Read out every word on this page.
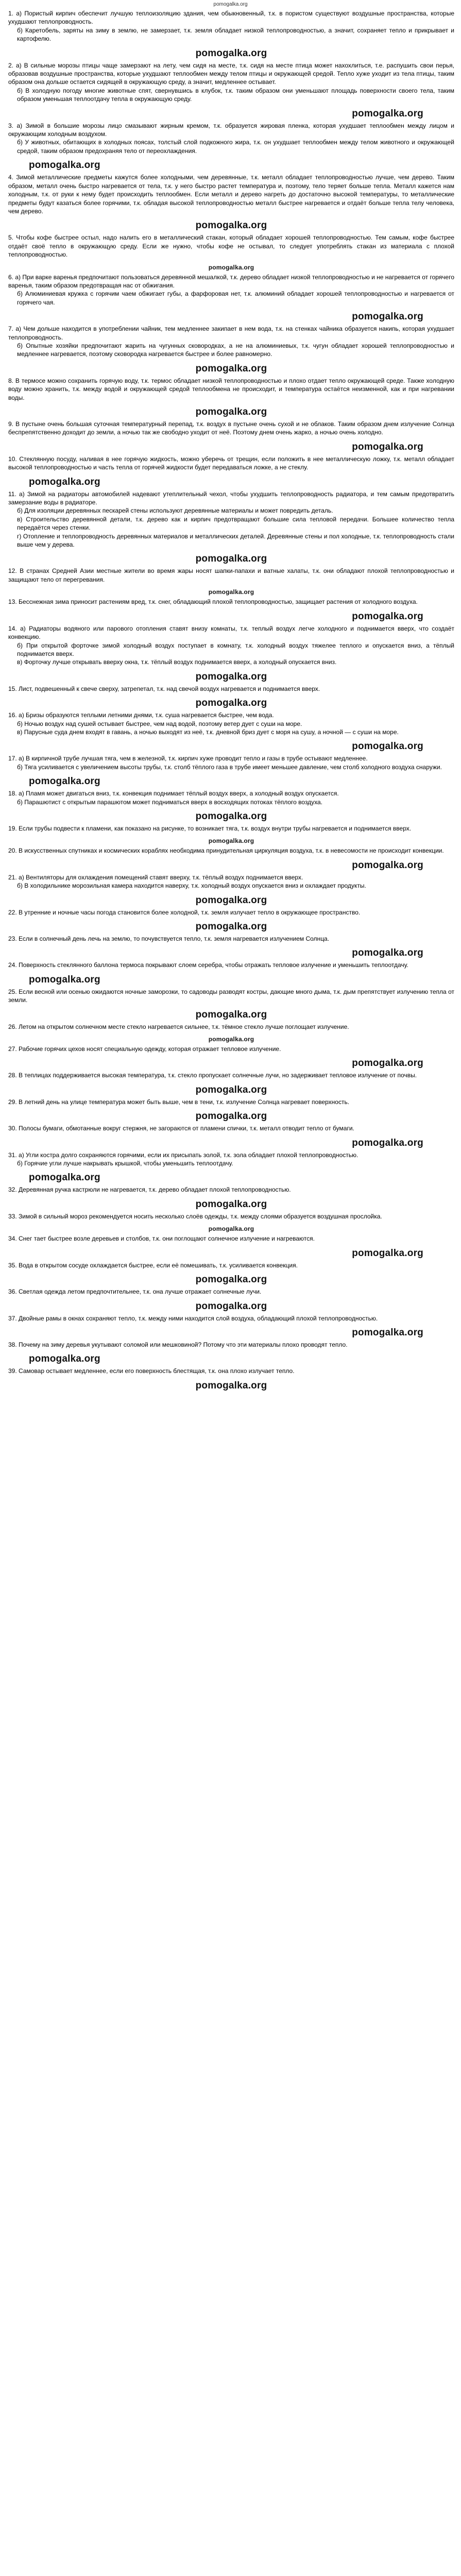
pomogalka.org
1. а) Пористый кирпич обеспечит лучшую теплоизоляцию здания, чем обыкновенный, т.к. в пористом существуют воздушные пространства, которые ухудшают теплопроводность.
б) Каретобель, заряты на зиму в землю, не замерзает, т.к. земля обладает низкой теплопроводностью, а значит, сохраняет тепло и прикрывает и картофелю.
pomogalka.org
2. а) В сильные морозы птицы чаще замерзают на лету, чем сидя на месте, т.к. сидя на месте птица может нахохлиться, т.е. распушить свои перья, образовав воздушные пространства, которые ухудшают теплообмен между телом птицы и окружающей средой. Тепло хуже уходит из тела птицы, таким образом она дольше остается сидящей в окружающую среду, а значит, медленнее остывает.
б) В холодную погоду многие животные спят, свернувшись в клубок, т.к. таким образом они уменьшают площадь поверхности своего тела, таким образом уменьшая теплоотдачу тепла в окружающую среду.
pomogalka.org
3. а) Зимой в большие морозы лицо смазывают жирным кремом, т.к. образуется жировая пленка, которая ухудшает теплообмен между лицом и окружающим холодным воздухом.
б) У животных, обитающих в холодных поясах, толстый слой подкожного жира, т.к. он ухудшает теплообмен между телом животного и окружающей средой, таким образом предохраняя тело от переохлаждения.
pomogalka.org
4. Зимой металлические предметы кажутся более холодными, чем деревянные, т.к. металл обладает теплопроводностью лучше, чем дерево. Таким образом, металл очень быстро нагревается от тела, т.к. у него быстро растет температура и, поэтому, тело теряет больше тепла. Металл кажется нам холодным, т.к. от руки к нему будет происходить теплообмен. Если металл и дерево нагреть до достаточно высокой температуры, то металлические предметы будут казаться более горячими, т.к. обладая высокой теплопроводностью металл быстрее нагревается и отдаёт больше тепла телу человека, чем дерево.
pomogalka.org
5. Чтобы кофе быстрее остыл, надо налить его в металлический стакан, который обладает хорошей теплопроводностью. Тем самым, кофе быстрее отдаёт своё тепло в окружающую среду. Если же нужно, чтобы кофе не остывал, то следует употреблять стакан из материала с плохой теплопроводностью.
pomogalka.org
6. а) При варке варенья предпочитают пользоваться деревянной мешалкой, т.к. дерево обладает низкой теплопроводностью и не нагревается от горячего варенья, таким образом предотвращая нас от обжигания.
б) Алюминиевая кружка с горячим чаем обжигает губы, а фарфоровая нет, т.к. алюминий обладает хорошей теплопроводностью и нагревается от горячего чая.
pomogalka.org
7. а) Чем дольше находится в употреблении чайник, тем медленнее закипает в нем вода, т.к. на стенках чайника образуется накипь, которая ухудшает теплопроводность.
б) Опытные хозяйки предпочитают жарить на чугунных сковородках, а не на алюминиевых, т.к. чугун обладает хорошей теплопроводностью и медленнее нагревается, поэтому сковородка нагревается быстрее и более равномерно.
pomogalka.org
8. В термосе можно сохранить горячую воду, т.к. термос обладает низкой теплопроводностью и плохо отдает тепло окружающей среде. Также холодную воду можно хранить, т.к. между водой и окружающей средой теплообмена не происходит, и температура остаётся неизменной, как и при нагревании воды.
pomogalka.org
9. В пустыне очень большая суточная температурный перепад, т.к. воздух в пустыне очень сухой и не облаков. Таким образом днем излучение Солнца беспрепятственно доходит до земли, а ночью так же свободно уходит от неё. Поэтому днем очень жарко, а ночью очень холодно.
pomogalka.org
10. Стеклянную посуду, наливая в нее горячую жидкость, можно уберечь от трещин, если положить в нее металлическую ложку, т.к. металл обладает высокой теплопроводностью и часть тепла от горячей жидкости будет передаваться ложке, а не стеклу.
pomogalka.org
11. а) Зимой на радиаторы автомобилей надевают утеплительный чехол, чтобы ухудшить теплопроводность радиатора, и тем самым предотвратить замерзание воды в радиаторе.
б) Для изоляции деревянных пескарей стены используют деревянные материалы и может повредить деталь.
в) Строительство деревянной детали, т.к. дерево как и кирпич предотвращают большие сила тепловой передачи. Большее количество тепла передаётся через стенки.
г) Отопление и теплопроводность деревянных материалов и металлических деталей. Деревянные стены и пол холодные, т.к. теплопроводность стали выше чем у дерева.
pomogalka.org
12. В странах Средней Азии местные жители во время жары носят шапки-папахи и ватные халаты, т.к. они обладают плохой теплопроводностью и защищают тело от перегревания.
pomogalka.org
13. Бесснежная зима приносит растениям вред, т.к. снег, обладающий плохой теплопроводностью, защищает растения от холодного воздуха.
pomogalka.org
14. а) Радиаторы водяного или парового отопления ставят внизу комнаты, т.к. теплый воздух легче холодного и поднимается вверх, что создаёт конвекцию.
б) При открытой форточке зимой холодный воздух поступает в комнату, т.к. холодный воздух тяжелее теплого и опускается вниз, а тёплый поднимается вверх.
в) Форточку лучше открывать вверху окна, т.к. тёплый воздух поднимается вверх, а холодный опускается вниз.
pomogalka.org
15. Лист, подвешенный к свече сверху, затрепетал, т.к. над свечой воздух нагревается и поднимается вверх.
pomogalka.org
16. а) Бризы образуются теплыми летними днями, т.к. суша нагревается быстрее, чем вода.
б) Ночью воздух над сушей остывает быстрее, чем над водой, поэтому ветер дует с суши на море.
в) Парусные суда днем входят в гавань, а ночью выходят из неё, т.к. дневной бриз дует с моря на сушу, а ночной — с суши на море.
pomogalka.org
17. а) В кирпичной трубе лучшая тяга, чем в железной, т.к. кирпич хуже проводит тепло и газы в трубе остывают медленнее.
б) Тяга усиливается с увеличением высоты трубы, т.к. столб тёплого газа в трубе имеет меньшее давление, чем столб холодного воздуха снаружи.
pomogalka.org
18. а) Пламя может двигаться вниз, т.к. конвекция поднимает тёплый воздух вверх, а холодный воздух опускается.
б) Парашютист с открытым парашютом может подниматься вверх в восходящих потоках тёплого воздуха.
pomogalka.org
19. Если трубы подвести к пламени, как показано на рисунке, то возникает тяга, т.к. воздух внутри трубы нагревается и поднимается вверх.
pomogalka.org
20. В искусственных спутниках и космических кораблях необходима принудительная циркуляция воздуха, т.к. в невесомости не происходит конвекции.
pomogalka.org
21. а) Вентиляторы для охлаждения помещений ставят вверху, т.к. тёплый воздух поднимается вверх.
б) В холодильнике морозильная камера находится наверху, т.к. холодный воздух опускается вниз и охлаждает продукты.
pomogalka.org
22. В утренние и ночные часы погода становится более холодной, т.к. земля излучает тепло в окружающее пространство.
pomogalka.org
23. Если в солнечный день лечь на землю, то почувствуется тепло, т.к. земля нагревается излучением Солнца.
pomogalka.org
24. Поверхность стеклянного баллона термоса покрывают слоем серебра, чтобы отражать тепловое излучение и уменьшить теплоотдачу.
pomogalka.org
25. Если весной или осенью ожидаются ночные заморозки, то садоводы разводят костры, дающие много дыма, т.к. дым препятствует излучению тепла от земли.
pomogalka.org
26. Летом на открытом солнечном месте стекло нагревается сильнее, т.к. тёмное стекло лучше поглощает излучение.
pomogalka.org
27. Рабочие горячих цехов носят специальную одежду, которая отражает тепловое излучение.
pomogalka.org
28. В теплицах поддерживается высокая температура, т.к. стекло пропускает солнечные лучи, но задерживает тепловое излучение от почвы.
pomogalka.org
29. В летний день на улице температура может быть выше, чем в тени, т.к. излучение Солнца нагревает поверхность.
pomogalka.org
30. Полосы бумаги, обмотанные вокруг стержня, не загораются от пламени спички, т.к. металл отводит тепло от бумаги.
pomogalka.org
31. а) Угли костра долго сохраняются горячими, если их присыпать золой, т.к. зола обладает плохой теплопроводностью.
б) Горячие угли лучше накрывать крышкой, чтобы уменьшить теплоотдачу.
pomogalka.org
32. Деревянная ручка кастрюли не нагревается, т.к. дерево обладает плохой теплопроводностью.
pomogalka.org
33. Зимой в сильный мороз рекомендуется носить несколько слоёв одежды, т.к. между слоями образуется воздушная прослойка.
pomogalka.org
34. Снег тает быстрее возле деревьев и столбов, т.к. они поглощают солнечное излучение и нагреваются.
pomogalka.org
35. Вода в открытом сосуде охлаждается быстрее, если её помешивать, т.к. усиливается конвекция.
pomogalka.org
36. Светлая одежда летом предпочтительнее, т.к. она лучше отражает солнечные лучи.
pomogalka.org
37. Двойные рамы в окнах сохраняют тепло, т.к. между ними находится слой воздуха, обладающий плохой теплопроводностью.
pomogalka.org
38. Почему на зиму деревья укутывают соломой или мешковиной? Потому что эти материалы плохо проводят тепло.
pomogalka.org
39. Самовар остывает медленнее, если его поверхность блестящая, т.к. она плохо излучает тепло.
pomogalka.org
